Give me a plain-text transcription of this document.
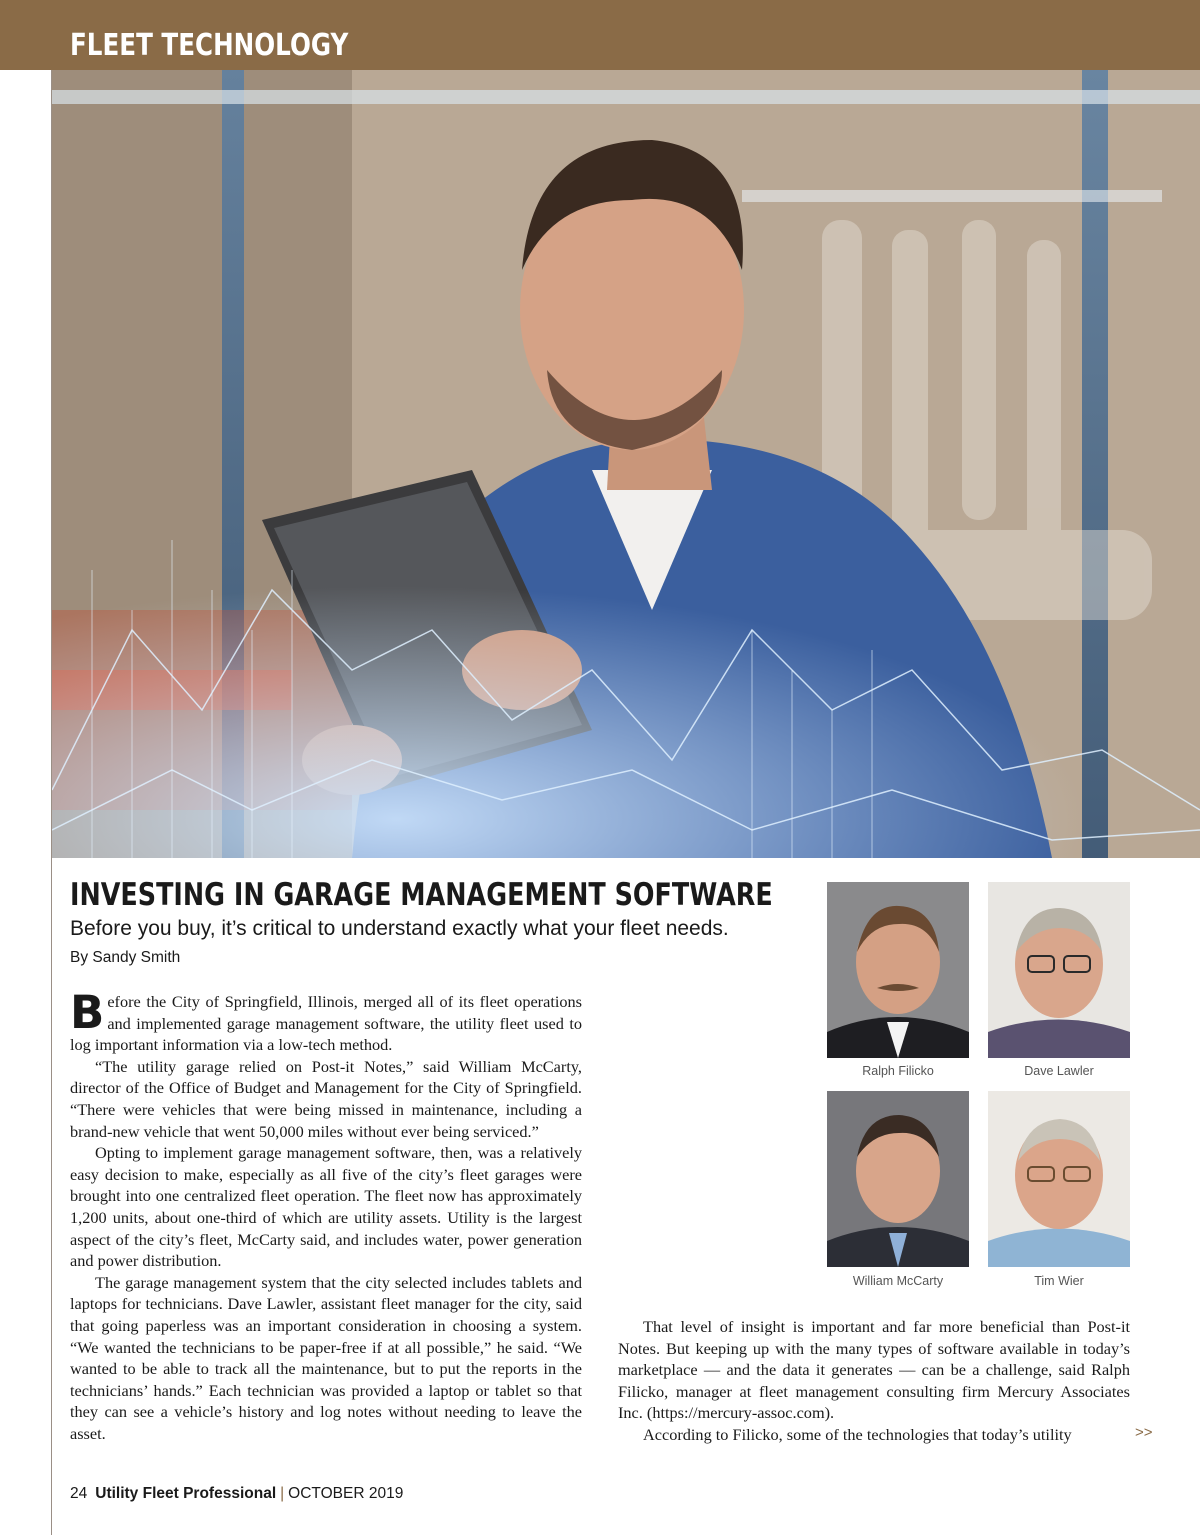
FLEET TECHNOLOGY
INVESTING IN GARAGE MANAGEMENT SOFTWARE
Before you buy, it’s critical to understand exactly what your fleet needs.
By Sandy Smith

Before the City of Springfield, Illinois, merged all of its fleet operations and implemented garage management software, the utility fleet used to log important information via a low-tech method.

“The utility garage relied on Post-it Notes,” said William McCarty, director of the Office of Budget and Management for the City of Springfield. “There were vehicles that were being missed in maintenance, including a brand-new vehicle that went 50,000 miles without ever being serviced.”

Opting to implement garage management software, then, was a relatively easy decision to make, especially as all five of the city’s fleet garages were brought into one centralized fleet operation. The fleet now has approximately 1,200 units, about one-third of which are utility assets. Utility is the largest aspect of the city’s fleet, McCarty said, and includes water, power generation and power distribution.

The garage management system that the city selected includes tablets and laptops for technicians. Dave Lawler, assistant fleet manager for the city, said that going paperless was an important consideration in choosing a system. “We wanted the technicians to be paper-free if at all possible,” he said. “We wanted to be able to track all the maintenance, but to put the reports in the technicians’ hands.” Each technician was provided a laptop or tablet so that they can see a vehicle’s history and log notes without needing to leave the asset.

Ralph Filicko	Dave Lawler
William McCarty	Tim Wier

That level of insight is important and far more beneficial than Post-it Notes. But keeping up with the many types of software available in today’s marketplace — and the data it generates — can be a challenge, said Ralph Filicko, manager at fleet management consulting firm Mercury Associates Inc. (https://mercury-assoc.com).

According to Filicko, some of the technologies that today’s utility	>>
24 Utility Fleet Professional | OCTOBER 2019
